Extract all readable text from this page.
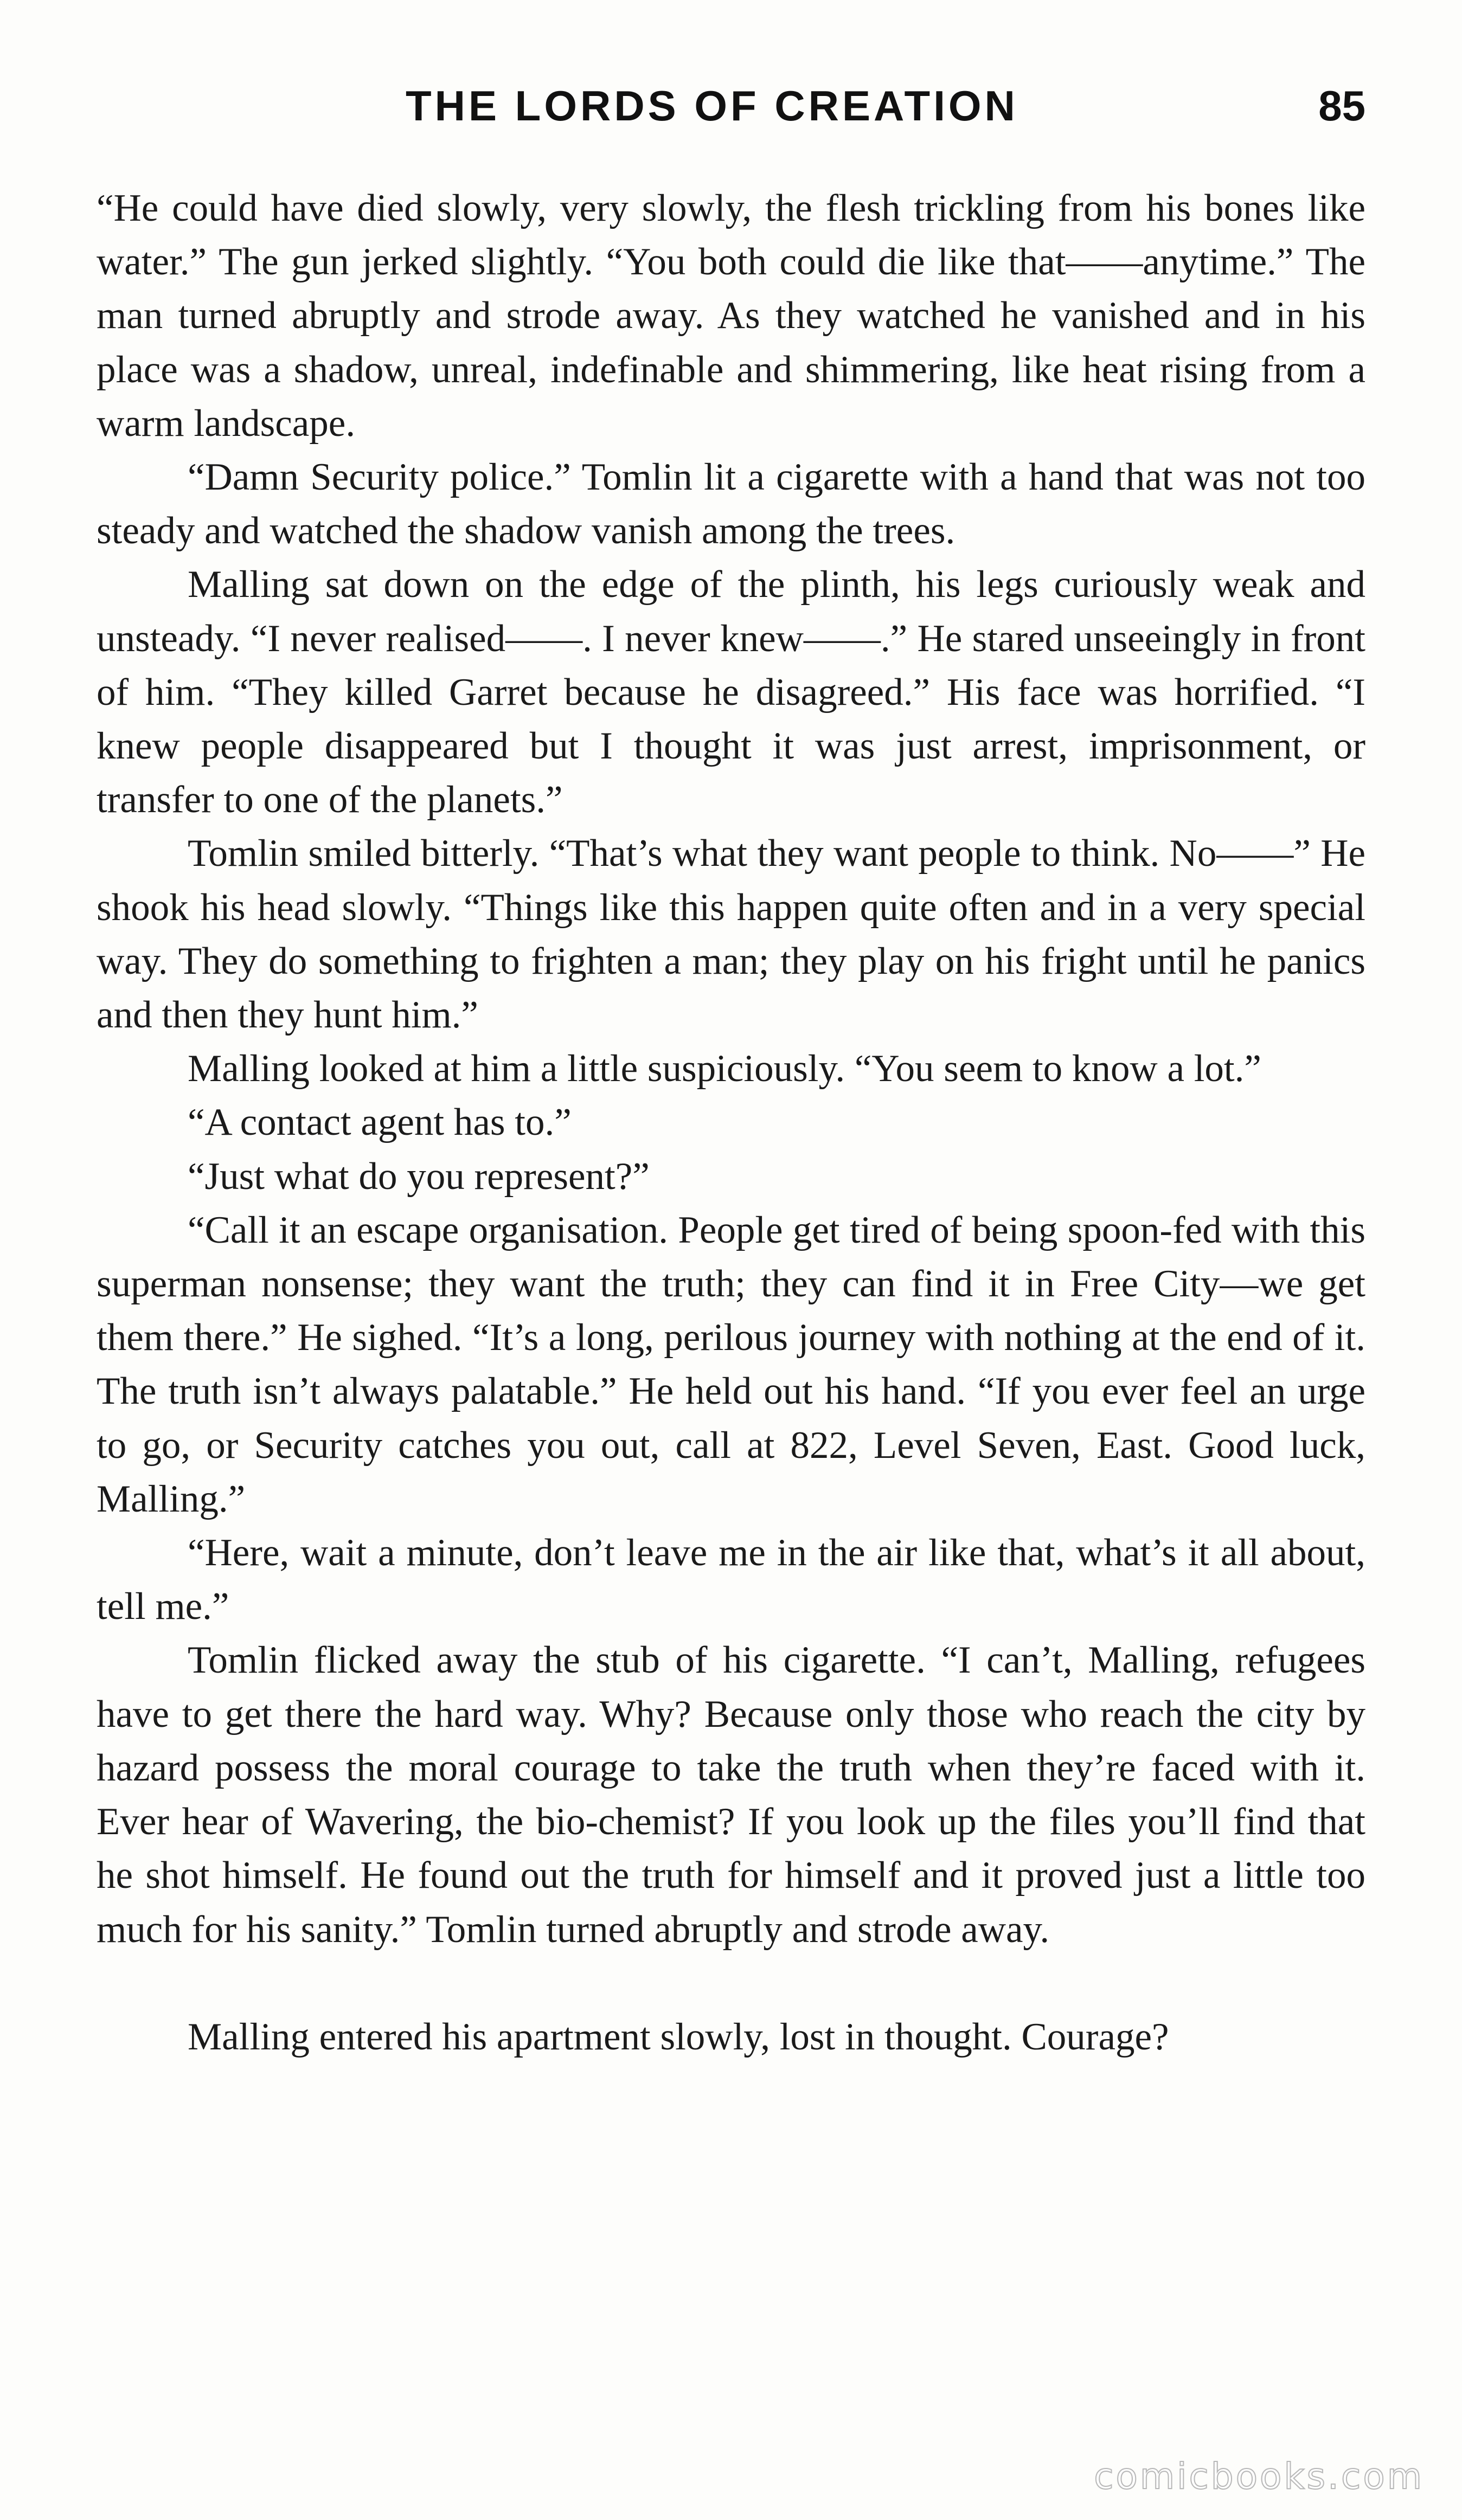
THE LORDS OF CREATION	85

“He could have died slowly, very slowly, the flesh trickling from his bones like water.” The gun jerked slightly. “You both could die like that——anytime.” The man turned abruptly and strode away. As they watched he vanished and in his place was a shadow, unreal, indefinable and shimmering, like heat rising from a warm landscape.

“Damn Security police.” Tomlin lit a cigarette with a hand that was not too steady and watched the shadow vanish among the trees.

Malling sat down on the edge of the plinth, his legs curiously weak and unsteady. “I never realised——. I never knew——.” He stared unseeingly in front of him. “They killed Garret because he disagreed.” His face was horrified. “I knew people disappeared but I thought it was just arrest, imprisonment, or transfer to one of the planets.”

Tomlin smiled bitterly. “That’s what they want people to think. No——” He shook his head slowly. “Things like this happen quite often and in a very special way. They do something to frighten a man; they play on his fright until he panics and then they hunt him.”

Malling looked at him a little suspiciously. “You seem to know a lot.”

“A contact agent has to.”

“Just what do you represent?”

“Call it an escape organisation. People get tired of being spoon-fed with this superman nonsense; they want the truth; they can find it in Free City—we get them there.” He sighed. “It’s a long, perilous journey with nothing at the end of it. The truth isn’t always palatable.” He held out his hand. “If you ever feel an urge to go, or Security catches you out, call at 822, Level Seven, East. Good luck, Malling.”

“Here, wait a minute, don’t leave me in the air like that, what’s it all about, tell me.”

Tomlin flicked away the stub of his cigarette. “I can’t, Malling, refugees have to get there the hard way. Why? Because only those who reach the city by hazard possess the moral courage to take the truth when they’re faced with it. Ever hear of Wavering, the bio-chemist? If you look up the files you’ll find that he shot himself. He found out the truth for himself and it proved just a little too much for his sanity.” Tomlin turned abruptly and strode away.

Malling entered his apartment slowly, lost in thought. Courage?

comicbooks.com
